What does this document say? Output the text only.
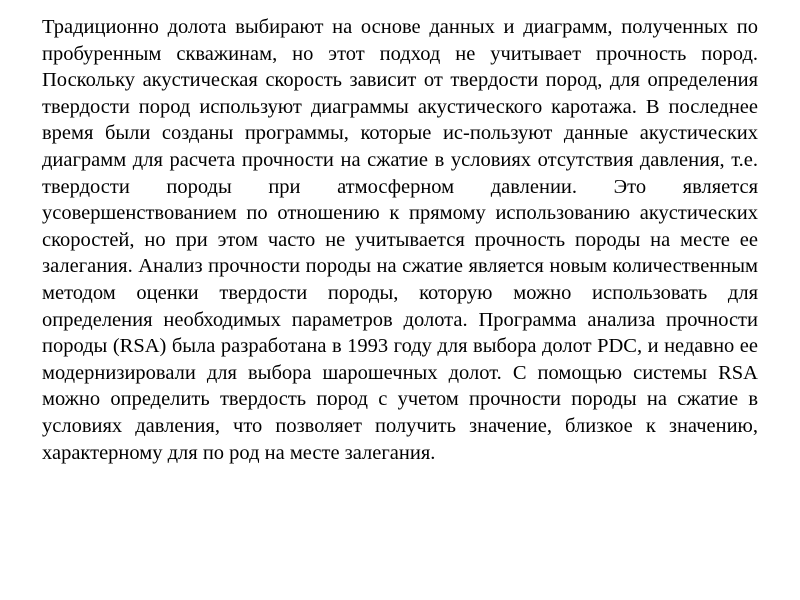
Традиционно долота выбирают на основе данных и диаграмм, полученных по пробуренным скважинам, но этот подход не учитывает прочность пород. Поскольку акустическая скорость зависит от твердости пород, для определения твердости пород используют диаграммы акустического каротажа. В последнее время были созданы программы, которые ис-пользуют данные акустических диаграмм для расчета прочности на сжатие в условиях отсутствия давления, т.е. твердости породы при атмосферном давлении. Это является усовершенствованием по отношению к прямому использованию акустических скоростей, но при этом часто не учитывается прочность породы на месте ее залегания. Анализ прочности породы на сжатие является новым количественным методом оценки твердости породы, которую можно использовать для определения необходимых параметров долота. Программа анализа прочности породы (RSA) была разработана в 1993 году для выбора долот PDC, и недавно ее модернизировали для выбора шарошечных долот. С помощью системы RSA можно определить твердость пород с учетом прочности породы на сжатие в условиях давления, что позволяет получить значение, близкое к значению, характерному для по род на месте залегания.
